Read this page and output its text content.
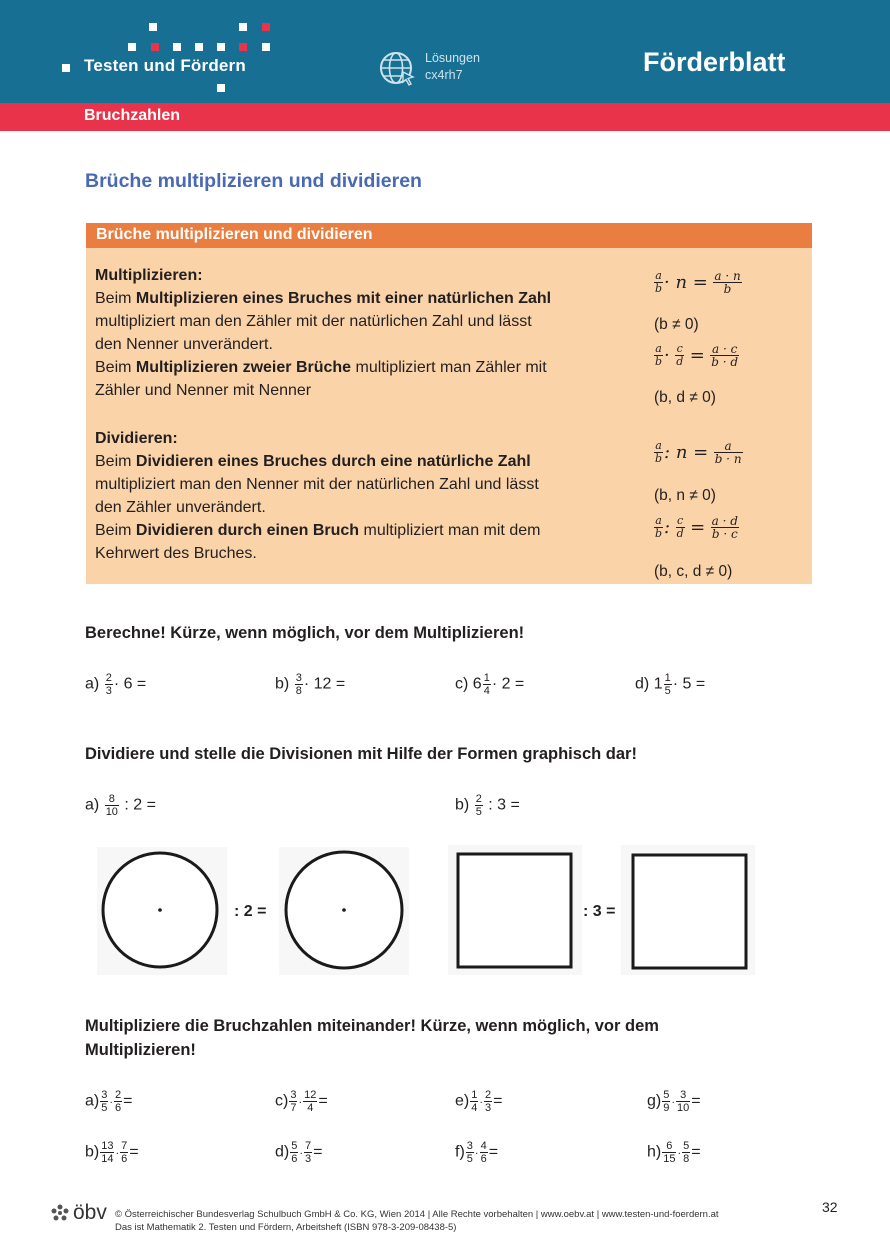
Testen und Fördern	Lösungen
cx4rh7	Förderblatt
Bruchzahlen
Brüche multiplizieren und dividieren
Brüche multiplizieren und dividieren
Multiplizieren:
Beim Multiplizieren eines Bruches mit einer natürlichen Zahl
multipliziert man den Zähler mit der natürlichen Zahl und lässt
den Nenner unverändert.
Beim Multiplizieren zweier Brüche multipliziert man Zähler mit
Zähler und Nenner mit Nenner
Dividieren:
Beim Dividieren eines Bruches durch eine natürliche Zahl
multipliziert man den Nenner mit der natürlichen Zahl und lässt
den Zähler unverändert.
Beim Dividieren durch einen Bruch multipliziert man mit dem
Kehrwert des Bruches.
$\frac{a}{b} \cdot n = \frac{a \cdot n}{b}$
(b ≠ 0)
$\frac{a}{b} \cdot \frac{c}{d} = \frac{a \cdot c}{b \cdot d}$
(b, d ≠ 0)
$\frac{a}{b}$ : $n = \frac{a}{b \cdot n}$
(b, n ≠ 0)
$\frac{a}{b}$ : $\frac{c}{d} = \frac{a \cdot d}{b \cdot c}$
(b, c, d ≠ 0)
Berechne! Kürze, wenn möglich, vor dem Multiplizieren!
$a) \frac{2}{3} \cdot 6$ =	$b) \frac{3}{8} \cdot 12$ =	c) $6 \frac{1}{4} \cdot 2$ =	d) $1 \frac{1}{5} \cdot 5$ =
Dividiere und stelle die Divisionen mit Hilfe der Formen graphisch dar!
$a) \frac{8}{10}$ : 2 =	$b) \frac{2}{5}$ : 3 =
: 2 =	: 3 =
Multipliziere die Bruchzahlen miteinander! Kürze, wenn möglich, vor dem
Multiplizieren!
$a) \frac{3}{5} \cdot \frac{2}{6}$ =	$c) \frac{3}{7} \cdot \frac{12}{4}$ =	$e) \frac{1}{4} \cdot \frac{2}{3}$ =	$g) \frac{5}{9} \cdot \frac{3}{10}$ =
$b) \frac{13}{14} \cdot \frac{7}{6}$ =	$d) \frac{5}{6} \cdot \frac{7}{3}$ =	$f) \frac{3}{5} \cdot \frac{4}{6}$ =	$h) \frac{6}{15} \cdot \frac{5}{8}$ =
öbv © Österreichischer Bundesverlag Schulbuch GmbH & Co. KG, Wien 2014 | Alle Rechte vorbehalten | www.oebv.at | www.testen-und-foerdern.at
Das ist Mathematik 2. Testen und Fördern, Arbeitsheft (ISBN 978-3-209-08438-5)
32
